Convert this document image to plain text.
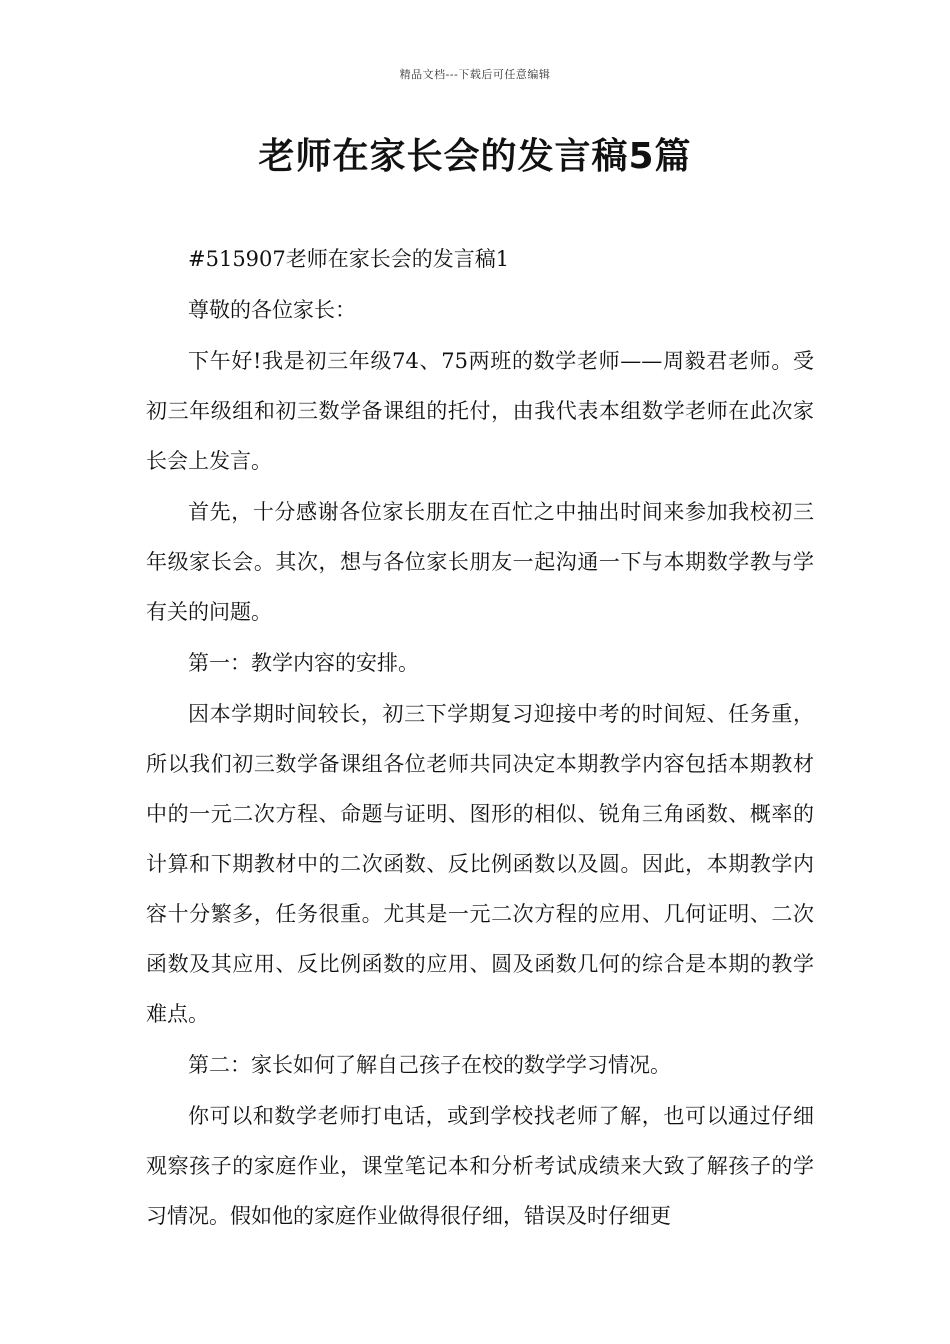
精品文档---下载后可任意编辑
老师在家长会的发言稿5篇

#515907老师在家长会的发言稿1

尊敬的各位家长：

下午好!我是初三年级74、75两班的数学老师——周毅君老师。受初三年级组和初三数学备课组的托付，由我代表本组数学老师在此次家长会上发言。

首先，十分感谢各位家长朋友在百忙之中抽出时间来参加我校初三年级家长会。其次，想与各位家长朋友一起沟通一下与本期数学教与学有关的问题。

第一：教学内容的安排。

因本学期时间较长，初三下学期复习迎接中考的时间短、任务重，所以我们初三数学备课组各位老师共同决定本期教学内容包括本期教材中的一元二次方程、命题与证明、图形的相似、锐角三角函数、概率的计算和下期教材中的二次函数、反比例函数以及圆。因此，本期教学内容十分繁多，任务很重。尤其是一元二次方程的应用、几何证明、二次函数及其应用、反比例函数的应用、圆及函数几何的综合是本期的教学难点。

第二：家长如何了解自己孩子在校的数学学习情况。

你可以和数学老师打电话，或到学校找老师了解，也可以通过仔细观察孩子的家庭作业，课堂笔记本和分析考试成绩来大致了解孩子的学习情况。假如他的家庭作业做得很仔细，错误及时仔细更
